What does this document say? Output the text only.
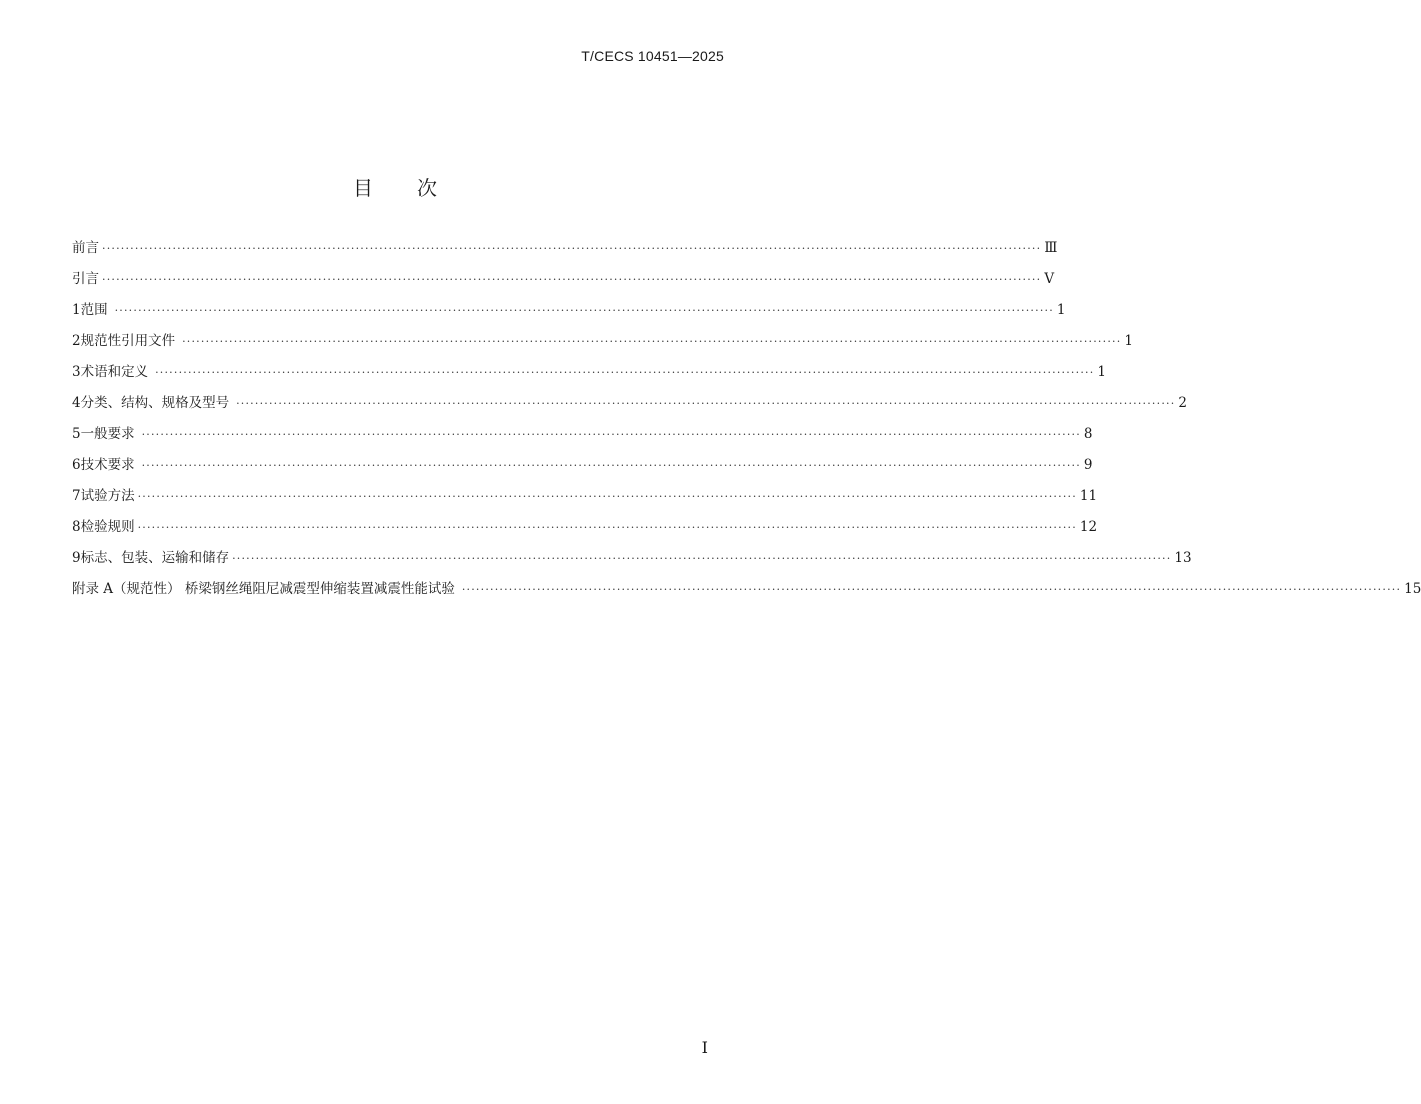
T/CECS 10451—2025
目次
前言 ········································································································································································································ Ⅲ
引言 ········································································································································································································ Ⅴ
1 范围 ········································································································································································································ 1
2 规范性引用文件 ········································································································································································································ 1
3 术语和定义 ········································································································································································································ 1
4 分类、结构、规格及型号 ········································································································································································································ 2
5 一般要求 ········································································································································································································ 8
6 技术要求 ········································································································································································································ 9
7 试验方法 ········································································································································································································ 11
8 检验规则 ········································································································································································································ 12
9 标志、包装、运输和储存 ········································································································································································································ 13
附录 A（规范性） 桥梁钢丝绳阻尼减震型伸缩装置减震性能试验 ········································································································································································································ 15
I
